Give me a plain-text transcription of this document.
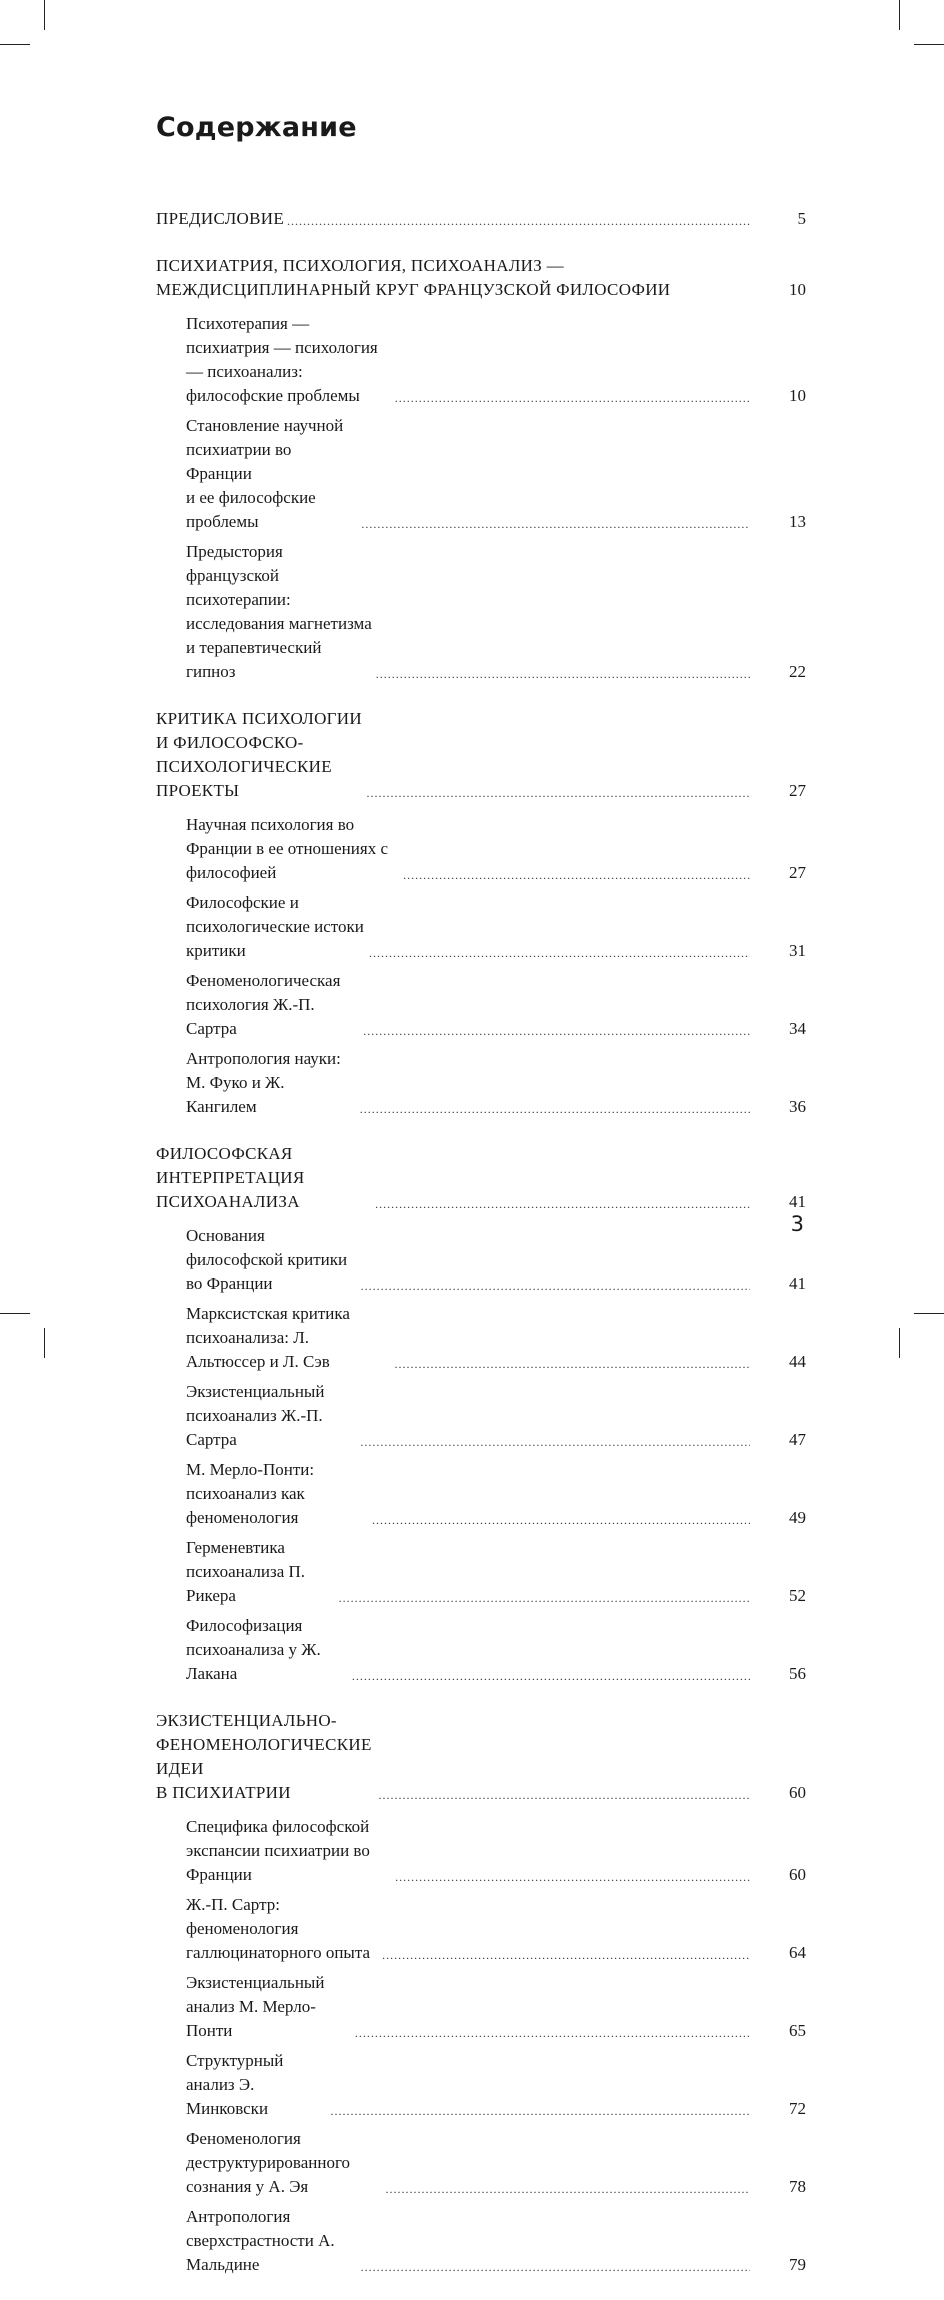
Содержание
ПРЕДИСЛОВИЕ .....	5
ПСИХИАТРИЯ, ПСИХОЛОГИЯ, ПСИХОАНАЛИЗ —
МЕЖДИСЦИПЛИНАРНЫЙ КРУГ ФРАНЦУЗСКОЙ ФИЛОСОФИИ	10
Психотерапия — психиатрия — психология — психоанализ:
философские проблемы .....	10
Становление научной психиатрии во Франции
и ее философские проблемы .....	13
Предыстория французской психотерапии:
исследования магнетизма и терапевтический гипноз .....	22
КРИТИКА ПСИХОЛОГИИ
И ФИЛОСОФСКО-ПСИХОЛОГИЧЕСКИЕ ПРОЕКТЫ .....	27
Научная психология во Франции в ее отношениях с философией .....	27
Философские и психологические истоки критики .....	31
Феноменологическая психология Ж.-П. Сартра .....	34
Антропология науки: М. Фуко и Ж. Кангилем .....	36
ФИЛОСОФСКАЯ ИНТЕРПРЕТАЦИЯ ПСИХОАНАЛИЗА .....	41
Основания философской критики во Франции .....	41
Марксистская критика психоанализа: Л. Альтюссер и Л. Сэв .....	44
Экзистенциальный психоанализ Ж.-П. Сартра .....	47
М. Мерло-Понти: психоанализ как феноменология .....	49
Герменевтика психоанализа П. Рикера .....	52
Философизация психоанализа у Ж. Лакана .....	56
ЭКЗИСТЕНЦИАЛЬНО-ФЕНОМЕНОЛОГИЧЕСКИЕ ИДЕИ
В ПСИХИАТРИИ .....	60
Специфика философской экспансии психиатрии во Франции .....	60
Ж.-П. Сартр: феноменология галлюцинаторного опыта .....	64
Экзистенциальный анализ М. Мерло-Понти .....	65
Структурный анализ Э. Минковски .....	72
Феноменология деструктурированного сознания у А. Эя .....	78
Антропология сверхстрастности А. Мальдине .....	79
3
